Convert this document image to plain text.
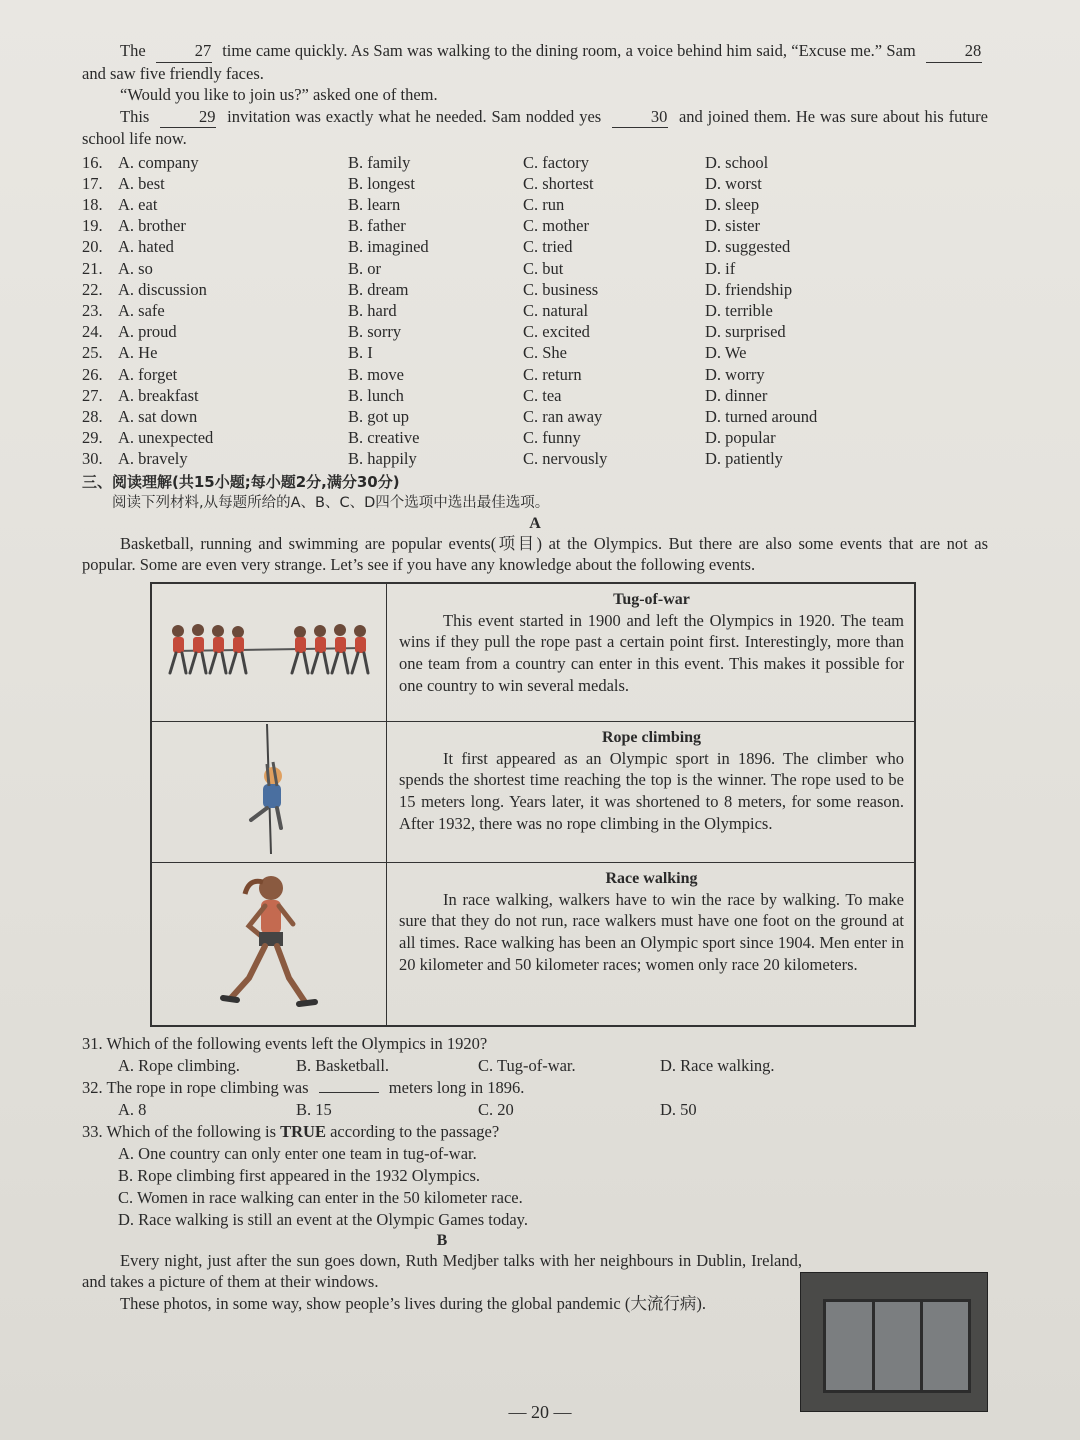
The	27 time came quickly. As Sam was walking to the dining room, a voice behind him said, “Excuse me.” Sam	28 and saw five friendly faces.

“Would you like to join us?” asked one of them.

This	29 invitation was exactly what he needed. Sam nodded yes	30 and joined them. He was sure about his future school life now.

16. A. company	B. family	C. factory	D. school
17. A. best	B. longest	C. shortest	D. worst
18. A. eat	B. learn	C. run	D. sleep
19. A. brother	B. father	C. mother	D. sister
20. A. hated	B. imagined	C. tried	D. suggested
21. A. so	B. or	C. but	D. if
22. A. discussion	B. dream	C. business	D. friendship
23. A. safe	B. hard	C. natural	D. terrible
24. A. proud	B. sorry	C. excited	D. surprised
25. A. He	B. I	C. She	D. We
26. A. forget	B. move	C. return	D. worry
27. A. breakfast	B. lunch	C. tea	D. dinner
28. A. sat down	B. got up	C. ran away	D. turned around
29. A. unexpected	B. creative	C. funny	D. popular
30. A. bravely	B. happily	C. nervously	D. patiently
三、阅读理解(共15小题;每小题2分,满分30分)
阅读下列材料,从每题所给的A、B、C、D四个选项中选出最佳选项。
A

Basketball, running and swimming are popular events(项目) at the Olympics. But there are also some events that are not as popular. Some are even very strange. Let’s see if you have any knowledge about the following events.

Tug-of-war

This event started in 1900 and left the Olympics in 1920. The team wins if they pull the rope past a certain point first. Interestingly, more than one team from a country can enter in this event. This makes it possible for one country to win several medals.

Rope climbing

It first appeared as an Olympic sport in 1896. The climber who spends the shortest time reaching the top is the winner. The rope used to be 15 meters long. Years later, it was shortened to 8 meters, for some reason. After 1932, there was no rope climbing in the Olympics.

Race walking

In race walking, walkers have to win the race by walking. To make sure that they do not run, race walkers must have one foot on the ground at all times. Race walking has been an Olympic sport since 1904. Men enter in 20 kilometer and 50 kilometer races; women only race 20 kilometers.

31. Which of the following events left the Olympics in 1920?
A. Rope climbing.	B. Basketball.	C. Tug-of-war.	D. Race walking.
32. The rope in rope climbing was	meters long in 1896.
A. 8	B. 15	C. 20	D. 50
33. Which of the following is TRUE according to the passage?
A. One country can only enter one team in tug-of-war.
B. Rope climbing first appeared in the 1932 Olympics.
C. Women in race walking can enter in the 50 kilometer race.
D. Race walking is still an event at the Olympic Games today.
B

Every night, just after the sun goes down, Ruth Medjber talks with her neighbours in Dublin, Ireland, and takes a picture of them at their windows.

These photos, in some way, show people’s lives during the global pandemic (大流行病).

— 20 —
